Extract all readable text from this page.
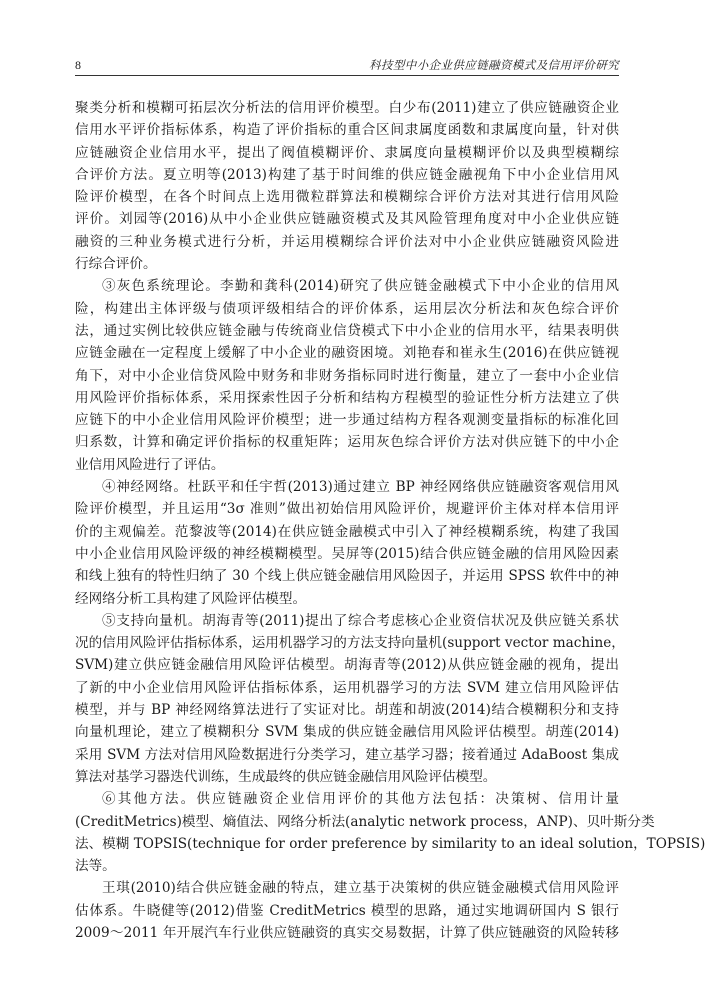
8	科技型中小企业供应链融资模式及信用评价研究
聚类分析和模糊可拓层次分析法的信用评价模型。白少布(2011)建立了供应链融资企业
信用水平评价指标体系，构造了评价指标的重合区间隶属度函数和隶属度向量，针对供
应链融资企业信用水平，提出了阀值模糊评价、隶属度向量模糊评价以及典型模糊综
合评价方法。夏立明等(2013)构建了基于时间维的供应链金融视角下中小企业信用风
险评价模型，在各个时间点上选用微粒群算法和模糊综合评价方法对其进行信用风险
评价。刘园等(2016)从中小企业供应链融资模式及其风险管理角度对中小企业供应链
融资的三种业务模式进行分析，并运用模糊综合评价法对中小企业供应链融资风险进
行综合评价。
③灰色系统理论。李勤和龚科(2014)研究了供应链金融模式下中小企业的信用风
险，构建出主体评级与债项评级相结合的评价体系，运用层次分析法和灰色综合评价
法，通过实例比较供应链金融与传统商业信贷模式下中小企业的信用水平，结果表明供
应链金融在一定程度上缓解了中小企业的融资困境。刘艳春和崔永生(2016)在供应链视
角下，对中小企业信贷风险中财务和非财务指标同时进行衡量，建立了一套中小企业信
用风险评价指标体系，采用探索性因子分析和结构方程模型的验证性分析方法建立了供
应链下的中小企业信用风险评价模型；进一步通过结构方程各观测变量指标的标准化回
归系数，计算和确定评价指标的权重矩阵；运用灰色综合评价方法对供应链下的中小企
业信用风险进行了评估。
④神经网络。杜跃平和任宇哲(2013)通过建立 BP 神经网络供应链融资客观信用风
险评价模型，并且运用“3σ 准则”做出初始信用风险评价，规避评价主体对样本信用评
价的主观偏差。范黎波等(2014)在供应链金融模式中引入了神经模糊系统，构建了我国
中小企业信用风险评级的神经模糊模型。吴屏等(2015)结合供应链金融的信用风险因素
和线上独有的特性归纳了 30 个线上供应链金融信用风险因子，并运用 SPSS 软件中的神
经网络分析工具构建了风险评估模型。
⑤支持向量机。胡海青等(2011)提出了综合考虑核心企业资信状况及供应链关系状
况的信用风险评估指标体系，运用机器学习的方法支持向量机(support vector machine，
SVM)建立供应链金融信用风险评估模型。胡海青等(2012)从供应链金融的视角，提出
了新的中小企业信用风险评估指标体系，运用机器学习的方法 SVM 建立信用风险评估
模型，并与 BP 神经网络算法进行了实证对比。胡莲和胡波(2014)结合模糊积分和支持
向量机理论，建立了模糊积分 SVM 集成的供应链金融信用风险评估模型。胡莲(2014)
采用 SVM 方法对信用风险数据进行分类学习，建立基学习器；接着通过 AdaBoost 集成
算法对基学习器迭代训练，生成最终的供应链金融信用风险评估模型。
⑥其他方法。供应链融资企业信用评价的其他方法包括：决策树、信用计量
(CreditMetrics)模型、熵值法、网络分析法(analytic network process，ANP)、贝叶斯分类
法、模糊 TOPSIS(technique for order preference by similarity to an ideal solution，TOPSIS)
法等。
王琪(2010)结合供应链金融的特点，建立基于决策树的供应链金融模式信用风险评
估体系。牛晓健等(2012)借鉴 CreditMetrics 模型的思路，通过实地调研国内 S 银行
2009～2011 年开展汽车行业供应链融资的真实交易数据，计算了供应链融资的风险转移
